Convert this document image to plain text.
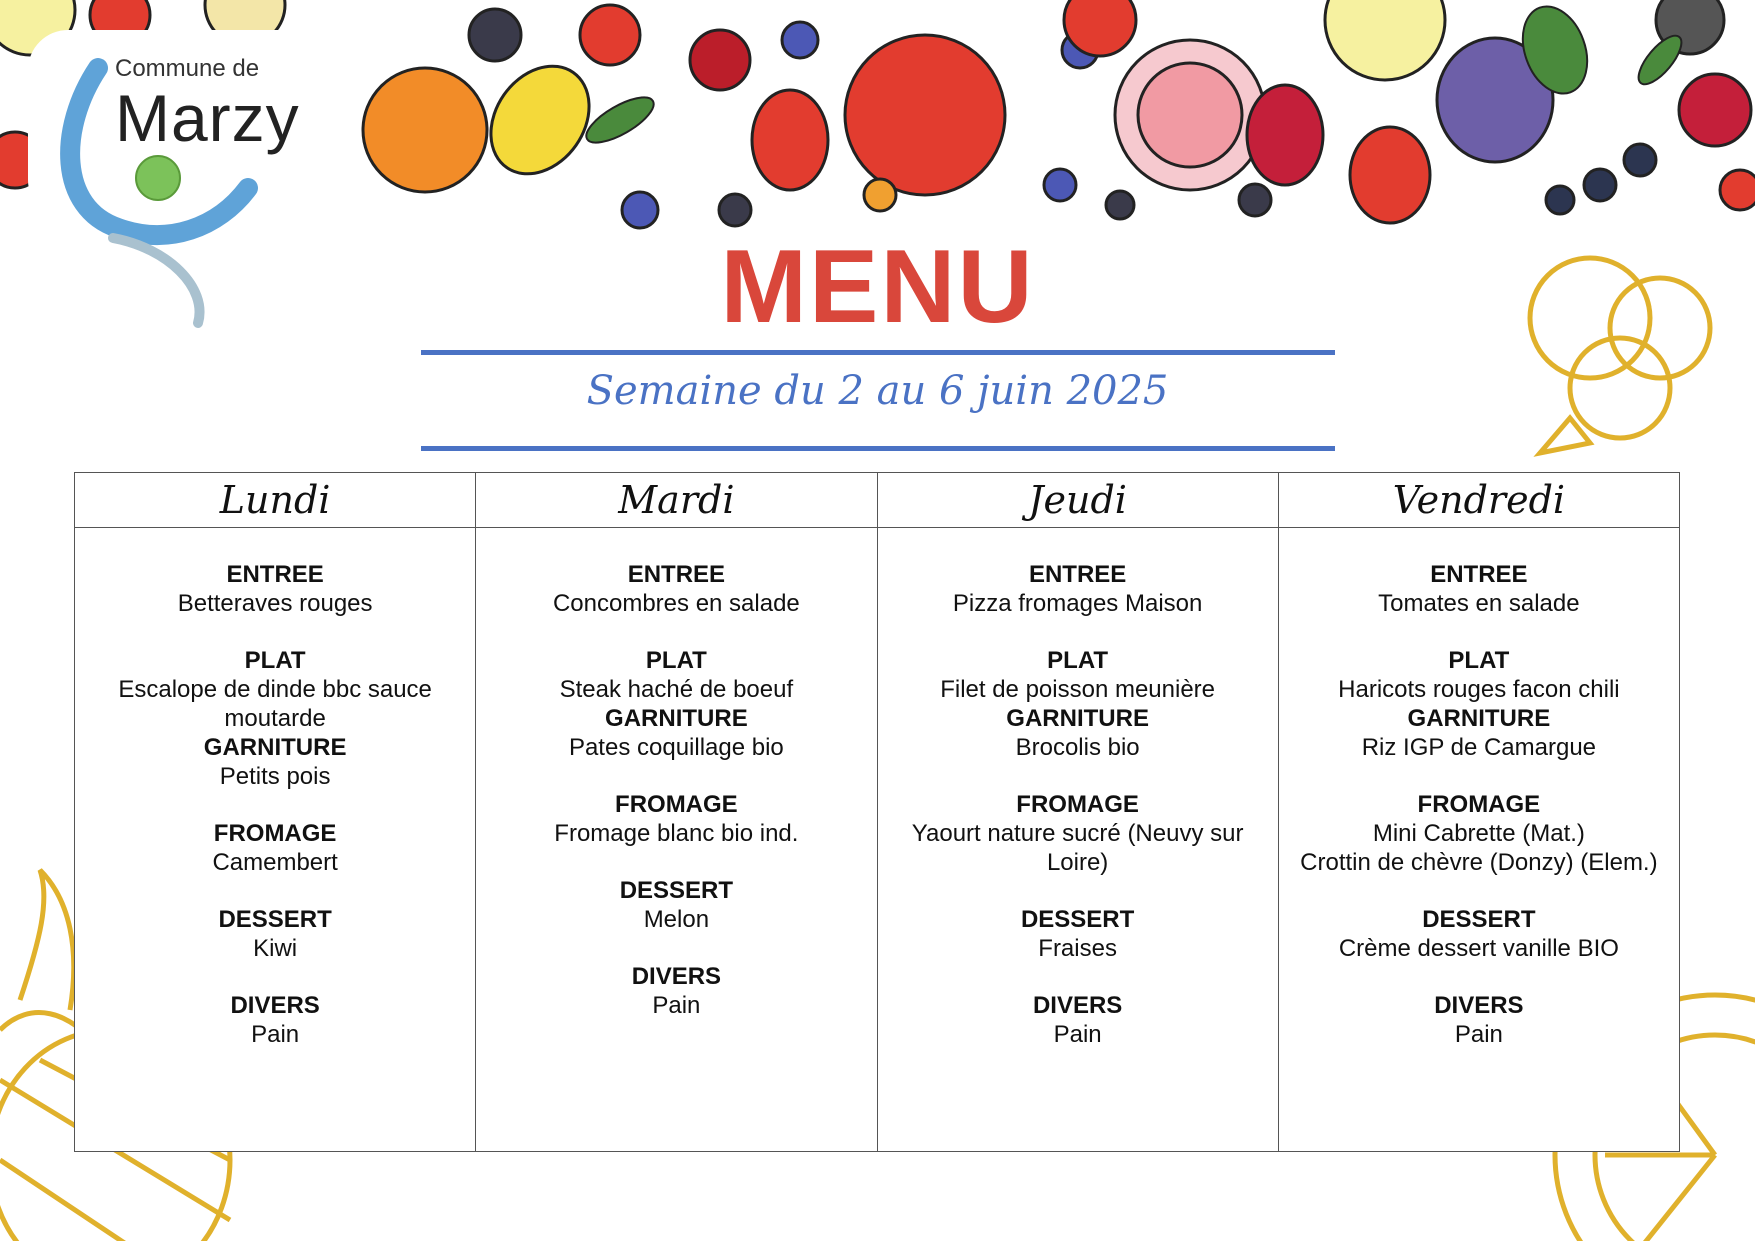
Commune de
Marzy
MENU
Semaine du 2 au 6 juin 2025
Lundi
ENTREE
Betteraves rouges
PLAT
Escalope de dinde bbc sauce moutarde
GARNITURE
Petits pois
FROMAGE
Camembert
DESSERT
Kiwi
DIVERS
Pain
Mardi
ENTREE
Concombres en salade
PLAT
Steak haché de boeuf
GARNITURE
Pates coquillage bio
FROMAGE
Fromage blanc bio ind.
DESSERT
Melon
DIVERS
Pain
Jeudi
ENTREE
Pizza fromages Maison
PLAT
Filet de poisson meunière
GARNITURE
Brocolis bio
FROMAGE
Yaourt nature sucré (Neuvy sur Loire)
DESSERT
Fraises
DIVERS
Pain
Vendredi
ENTREE
Tomates en salade
PLAT
Haricots rouges facon chili
GARNITURE
Riz IGP de Camargue
FROMAGE
Mini Cabrette (Mat.)
Crottin de chèvre (Donzy) (Elem.)
DESSERT
Crème dessert vanille BIO
DIVERS
Pain
